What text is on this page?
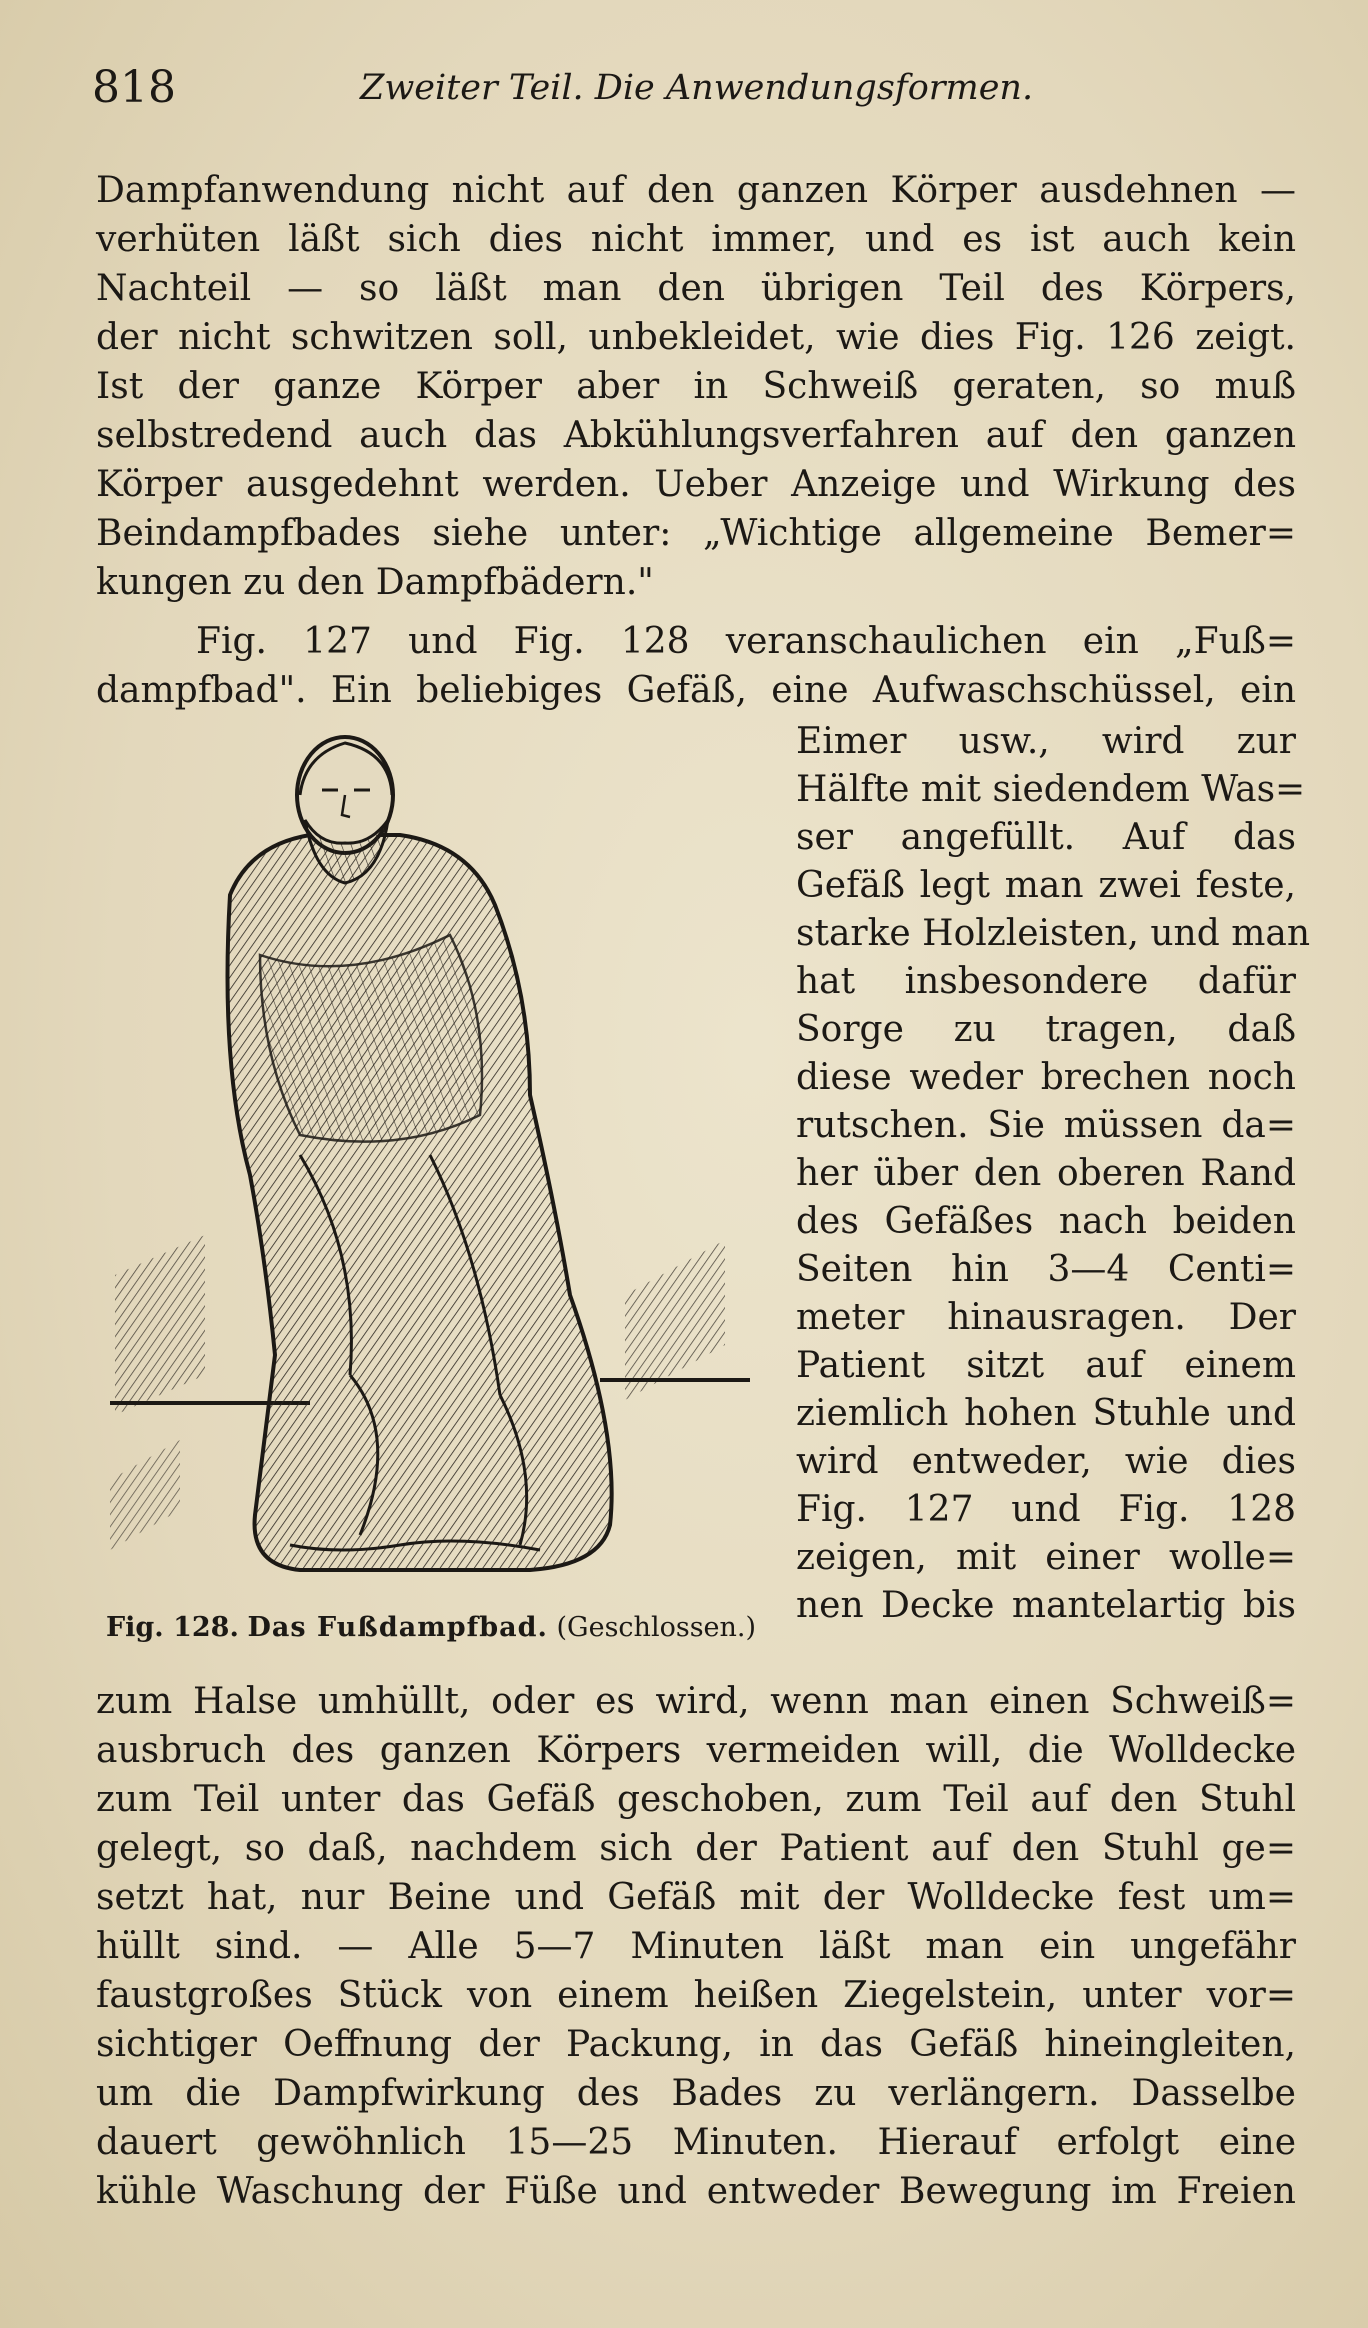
818	Zweiter Teil. Die Anwendungsformen.
Dampfanwendung nicht auf den ganzen Körper ausdehnen —
verhüten läßt sich dies nicht immer, und es ist auch kein
Nachteil — so läßt man den übrigen Teil des Körpers,
der nicht schwitzen soll, unbekleidet, wie dies Fig. 126 zeigt.
Ist der ganze Körper aber in Schweiß geraten, so muß
selbstredend auch das Abkühlungsverfahren auf den ganzen
Körper ausgedehnt werden. Ueber Anzeige und Wirkung des
Beindampfbades siehe unter: „Wichtige allgemeine Bemer=
kungen zu den Dampfbädern."
Fig. 127 und Fig. 128 veranschaulichen ein „Fuß=
dampfbad". Ein beliebiges Gefäß, eine Aufwaschschüssel, ein
Eimer usw., wird zur
Hälfte mit siedendem Was=
ser angefüllt. Auf das
Gefäß legt man zwei feste,
starke Holzleisten, und man
hat insbesondere dafür
Sorge zu tragen, daß
diese weder brechen noch
rutschen. Sie müssen da=
her über den oberen Rand
des Gefäßes nach beiden
Seiten hin 3—4 Centi=
meter hinausragen. Der
Patient sitzt auf einem
ziemlich hohen Stuhle und
wird entweder, wie dies
Fig. 127 und Fig. 128
zeigen, mit einer wolle=
nen Decke mantelartig bis
Fig. 128. Das Fußdampfbad. (Geschlossen.)
zum Halse umhüllt, oder es wird, wenn man einen Schweiß=
ausbruch des ganzen Körpers vermeiden will, die Wolldecke
zum Teil unter das Gefäß geschoben, zum Teil auf den Stuhl
gelegt, so daß, nachdem sich der Patient auf den Stuhl ge=
setzt hat, nur Beine und Gefäß mit der Wolldecke fest um=
hüllt sind. — Alle 5—7 Minuten läßt man ein ungefähr
faustgroßes Stück von einem heißen Ziegelstein, unter vor=
sichtiger Oeffnung der Packung, in das Gefäß hineingleiten,
um die Dampfwirkung des Bades zu verlängern. Dasselbe
dauert gewöhnlich 15—25 Minuten. Hierauf erfolgt eine
kühle Waschung der Füße und entweder Bewegung im Freien
